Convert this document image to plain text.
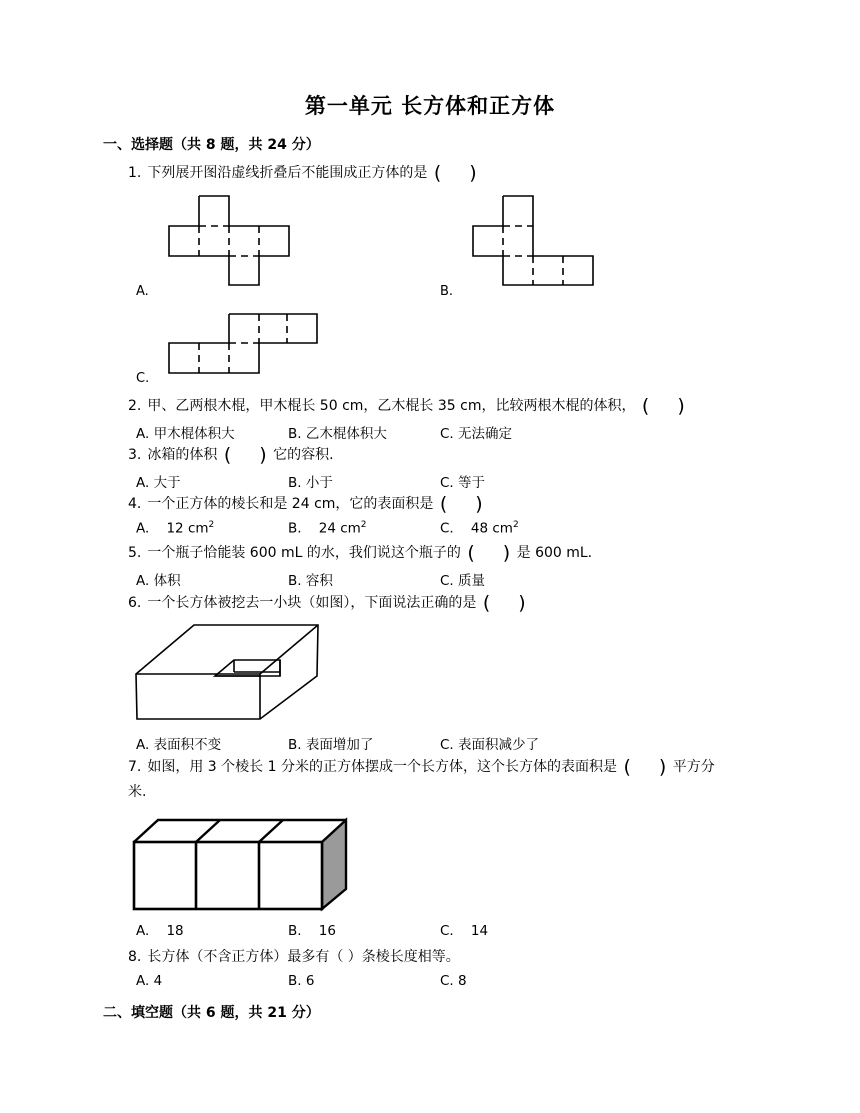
第一单元 长方体和正方体
一、选择题（共 8 题，共 24 分）
1. 下列展开图沿虚线折叠后不能围成正方体的是 ( )
A.	B.
C.
2. 甲、乙两根木棍，甲木棍长 50 cm，乙木棍长 35 cm，比较两根木棍的体积， ( )
A. 甲木棍体积大	B. 乙木棍体积大	C. 无法确定
3. 冰箱的体积 ( ) 它的容积.
A. 大于	B. 小于	C. 等于
4. 一个正方体的棱长和是 24 cm，它的表面积是 ( )
A. 12 $cm^2$	B. 24 $cm^2$	C. 48 $cm^2$
5. 一个瓶子恰能装 600 mL 的水，我们说这个瓶子的 ( ) 是 600 mL.
A. 体积	B. 容积	C. 质量
6. 一个长方体被挖去一小块（如图），下面说法正确的是 ( )
A. 表面积不变	B. 表面增加了	C. 表面积减少了
7. 如图，用 3 个棱长 1 分米的正方体摆成一个长方体，这个长方体的表面积是 ( ) 平方分
米.
A. 18	B. 16	C. 14
8. 长方体（不含正方体）最多有（ ）条棱长度相等。
A. 4	B. 6	C. 8
二、填空题（共 6 题，共 21 分）
